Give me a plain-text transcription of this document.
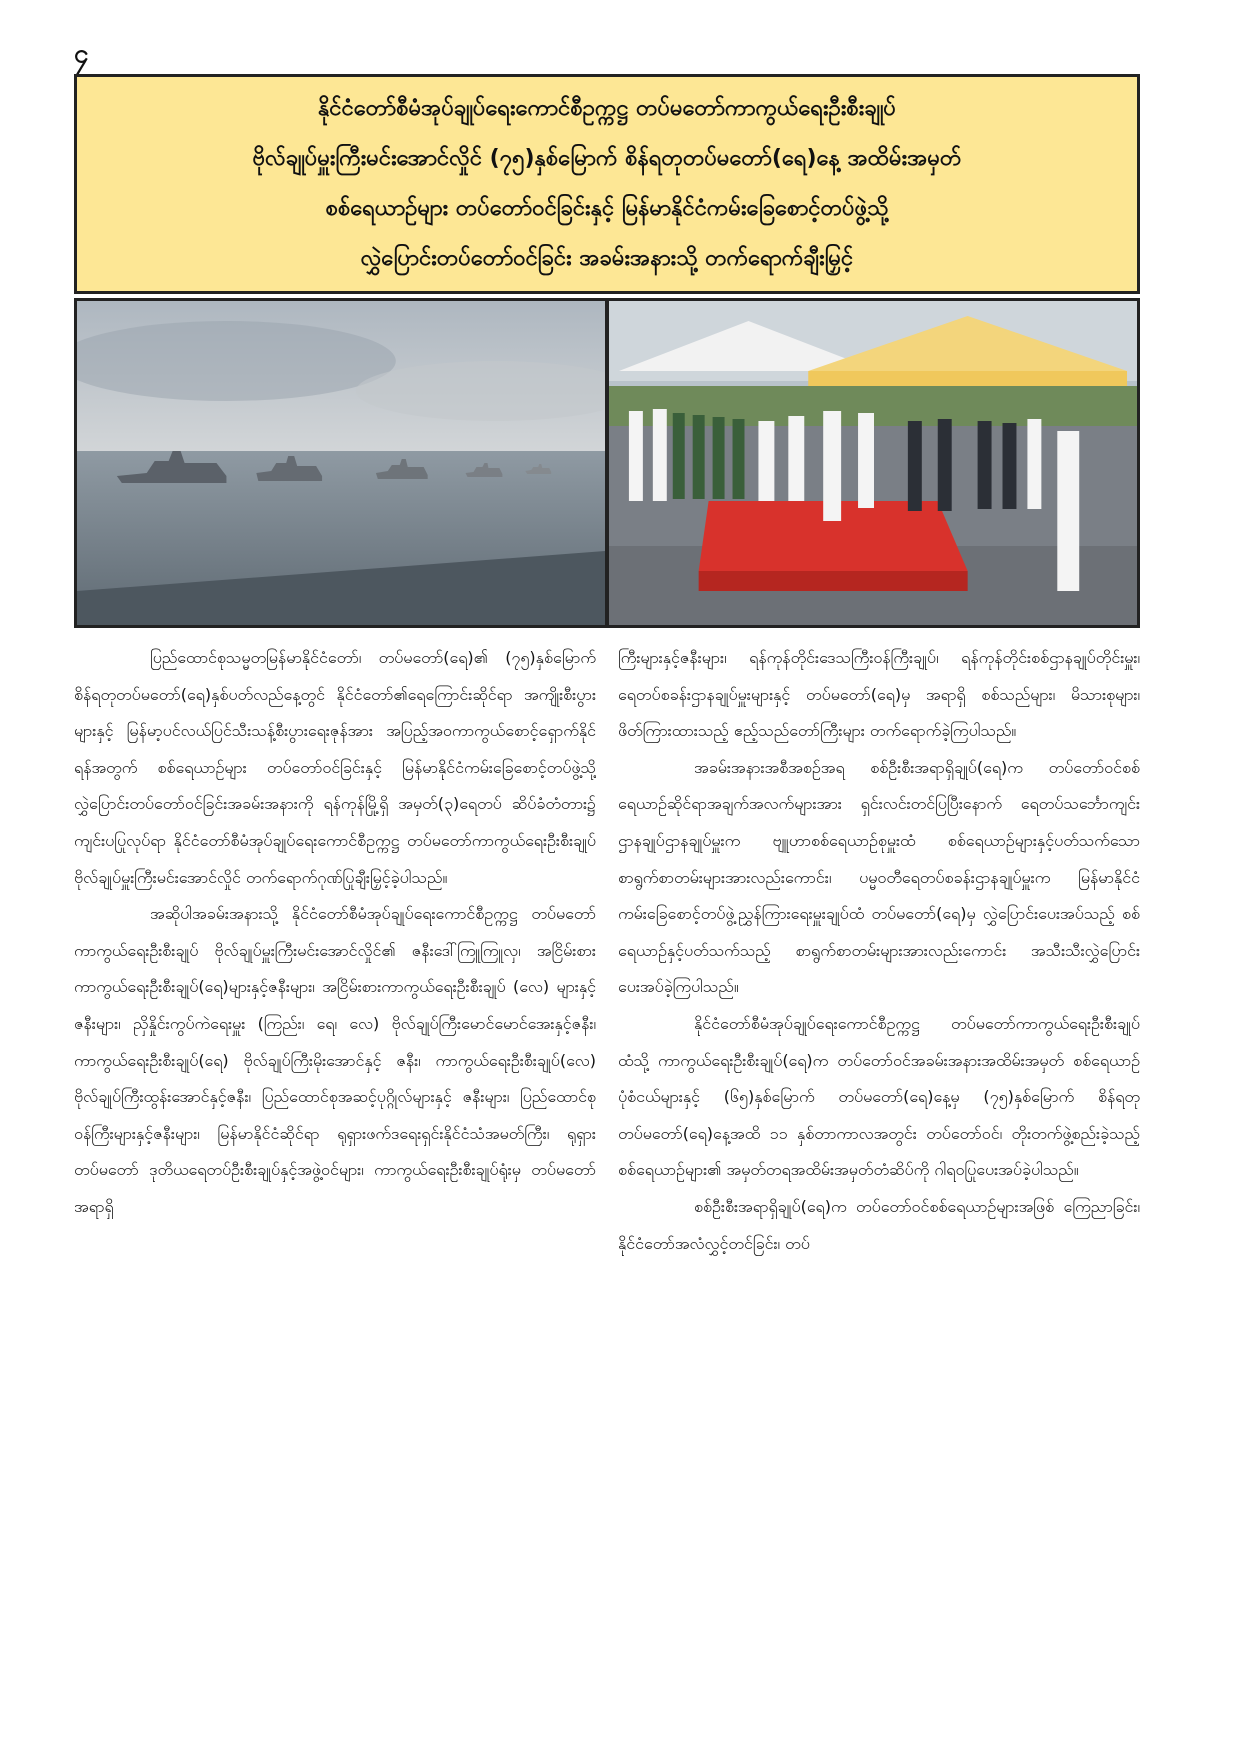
၄
နိုင်ငံတော်စီမံအုပ်ချုပ်ရေးကောင်စီဥက္ကဋ္ဌ တပ်မတော်ကာကွယ်ရေးဦးစီးချုပ်
ဗိုလ်ချုပ်မှူးကြီးမင်းအောင်လှိုင် (၇၅)နှစ်မြောက် စိန်ရတုတပ်မတော်(ရေ)နေ့ အထိမ်းအမှတ်
စစ်ရေယာဉ်များ တပ်တော်ဝင်ခြင်းနှင့် မြန်မာနိုင်ငံကမ်းခြေစောင့်တပ်ဖွဲ့သို့
လွှဲပြောင်းတပ်တော်ဝင်ခြင်း အခမ်းအနားသို့ တက်ရောက်ချီးမြှင့်

ပြည်ထောင်စုသမ္မတမြန်မာနိုင်ငံတော်၊ တပ်မတော်(ရေ)၏ (၇၅)နှစ်မြောက် စိန်ရတုတပ်မတော်(ရေ)နှစ်ပတ်လည်နေ့တွင် နိုင်ငံတော်၏ရေကြောင်းဆိုင်ရာ အကျိုးစီးပွားများနှင့် မြန်မာ့ပင်လယ်ပြင်သီးသန့်စီးပွားရေးဇုန်အား အပြည့်အဝကာကွယ်စောင့်ရှောက်နိုင်ရန်အတွက် စစ်ရေယာဉ်များ တပ်တော်ဝင်ခြင်းနှင့် မြန်မာနိုင်ငံကမ်းခြေစောင့်တပ်ဖွဲ့သို့ လွှဲပြောင်းတပ်တော်ဝင်ခြင်းအခမ်းအနားကို ရန်ကုန်မြို့ရှိ အမှတ်(၃)ရေတပ် ဆိပ်ခံတံတား၌ ကျင်းပပြုလုပ်ရာ နိုင်ငံတော်စီမံအုပ်ချုပ်ရေးကောင်စီဥက္ကဋ္ဌ တပ်မတော်ကာကွယ်ရေးဦးစီးချုပ် ဗိုလ်ချုပ်မှူးကြီးမင်းအောင်လှိုင် တက်ရောက်ဂုဏ်ပြုချီးမြှင့်ခဲ့ပါသည်။

အဆိုပါအခမ်းအနားသို့ နိုင်ငံတော်စီမံအုပ်ချုပ်ရေးကောင်စီဥက္ကဋ္ဌ တပ်မတော်ကာကွယ်ရေးဦးစီးချုပ် ဗိုလ်ချုပ်မှူးကြီးမင်းအောင်လှိုင်၏ ဇနီးဒေါ်ကြူကြူလှ၊ အငြိမ်းစားကာကွယ်ရေးဦးစီးချုပ်(ရေ)များနှင့်ဇနီးများ၊ အငြိမ်းစားကာကွယ်ရေးဦးစီးချုပ် (လေ) များနှင့်ဇနီးများ၊ ညှိနှိုင်းကွပ်ကဲရေးမှူး (ကြည်း၊ ရေ၊ လေ) ဗိုလ်ချုပ်ကြီးမောင်မောင်အေးနှင့်ဇနီး၊ ကာကွယ်ရေးဦးစီးချုပ်(ရေ) ဗိုလ်ချုပ်ကြီးမိုးအောင်နှင့် ဇနီး၊ ကာကွယ်ရေးဦးစီးချုပ်(လေ) ဗိုလ်ချုပ်ကြီးထွန်းအောင်နှင့်ဇနီး၊ ပြည်ထောင်စုအဆင့်ပုဂ္ဂိုလ်များနှင့် ဇနီးများ၊ ပြည်ထောင်စုဝန်ကြီးများနှင့်ဇနီးများ၊ မြန်မာနိုင်ငံဆိုင်ရာ ရုရှားဖက်ဒရေးရှင်းနိုင်ငံသံအမတ်ကြီး၊ ရုရှားတပ်မတော် ဒုတိယရေတပ်ဦးစီးချုပ်နှင့်အဖွဲ့ဝင်များ၊ ကာကွယ်ရေးဦးစီးချုပ်ရုံးမှ တပ်မတော်အရာရှိ

ကြီးများနှင့်ဇနီးများ၊ ရန်ကုန်တိုင်းဒေသကြီးဝန်ကြီးချုပ်၊ ရန်ကုန်တိုင်းစစ်ဌာနချုပ်တိုင်းမှူး၊ ရေတပ်စခန်းဌာနချုပ်မှူးများနှင့် တပ်မတော်(ရေ)မှ အရာရှိ စစ်သည်များ၊ မိသားစုများ၊ ဖိတ်ကြားထားသည့် ဧည့်သည်တော်ကြီးများ တက်ရောက်ခဲ့ကြပါသည်။

အခမ်းအနားအစီအစဉ်အရ စစ်ဦးစီးအရာရှိချုပ်(ရေ)က တပ်တော်ဝင်စစ်ရေယာဉ်ဆိုင်ရာအချက်အလက်များအား ရှင်းလင်းတင်ပြပြီးနောက် ရေတပ်သင်္ဘောကျင်းဌာနချုပ်ဌာနချုပ်မှူးက ဗျူဟာစစ်ရေယာဉ်စုမှူးထံ စစ်ရေယာဉ်များနှင့်ပတ်သက်သော စာရွက်စာတမ်းများအားလည်းကောင်း၊ ပမ္မဝတီရေတပ်စခန်းဌာနချုပ်မှူးက မြန်မာနိုင်ငံကမ်းခြေစောင့်တပ်ဖွဲ့ညွှန်ကြားရေးမှူးချုပ်ထံ တပ်မတော်(ရေ)မှ လွှဲပြောင်းပေးအပ်သည့် စစ်ရေယာဉ်နှင့်ပတ်သက်သည့် စာရွက်စာတမ်းများအားလည်းကောင်း အသီးသီးလွှဲပြောင်းပေးအပ်ခဲ့ကြပါသည်။

နိုင်ငံတော်စီမံအုပ်ချုပ်ရေးကောင်စီဥက္ကဋ္ဌ တပ်မတော်ကာကွယ်ရေးဦးစီးချုပ်ထံသို့ ကာကွယ်ရေးဦးစီးချုပ်(ရေ)က တပ်တော်ဝင်အခမ်းအနားအထိမ်းအမှတ် စစ်ရေယာဉ်ပုံစံငယ်များနှင့် (၆၅)နှစ်မြောက် တပ်မတော်(ရေ)နေ့မှ (၇၅)နှစ်မြောက် စိန်ရတုတပ်မတော်(ရေ)နေ့အထိ ၁၁ နှစ်တာကာလအတွင်း တပ်တော်ဝင်၊ တိုးတက်ဖွဲ့စည်းခဲ့သည့် စစ်ရေယာဉ်များ၏ အမှတ်တရအထိမ်းအမှတ်တံဆိပ်ကို ဂါရဝပြုပေးအပ်ခဲ့ပါသည်။

စစ်ဦးစီးအရာရှိချုပ်(ရေ)က တပ်တော်ဝင်စစ်ရေယာဉ်များအဖြစ် ကြေညာခြင်း၊ နိုင်ငံတော်အလံလွှင့်တင်ခြင်း၊ တပ်
